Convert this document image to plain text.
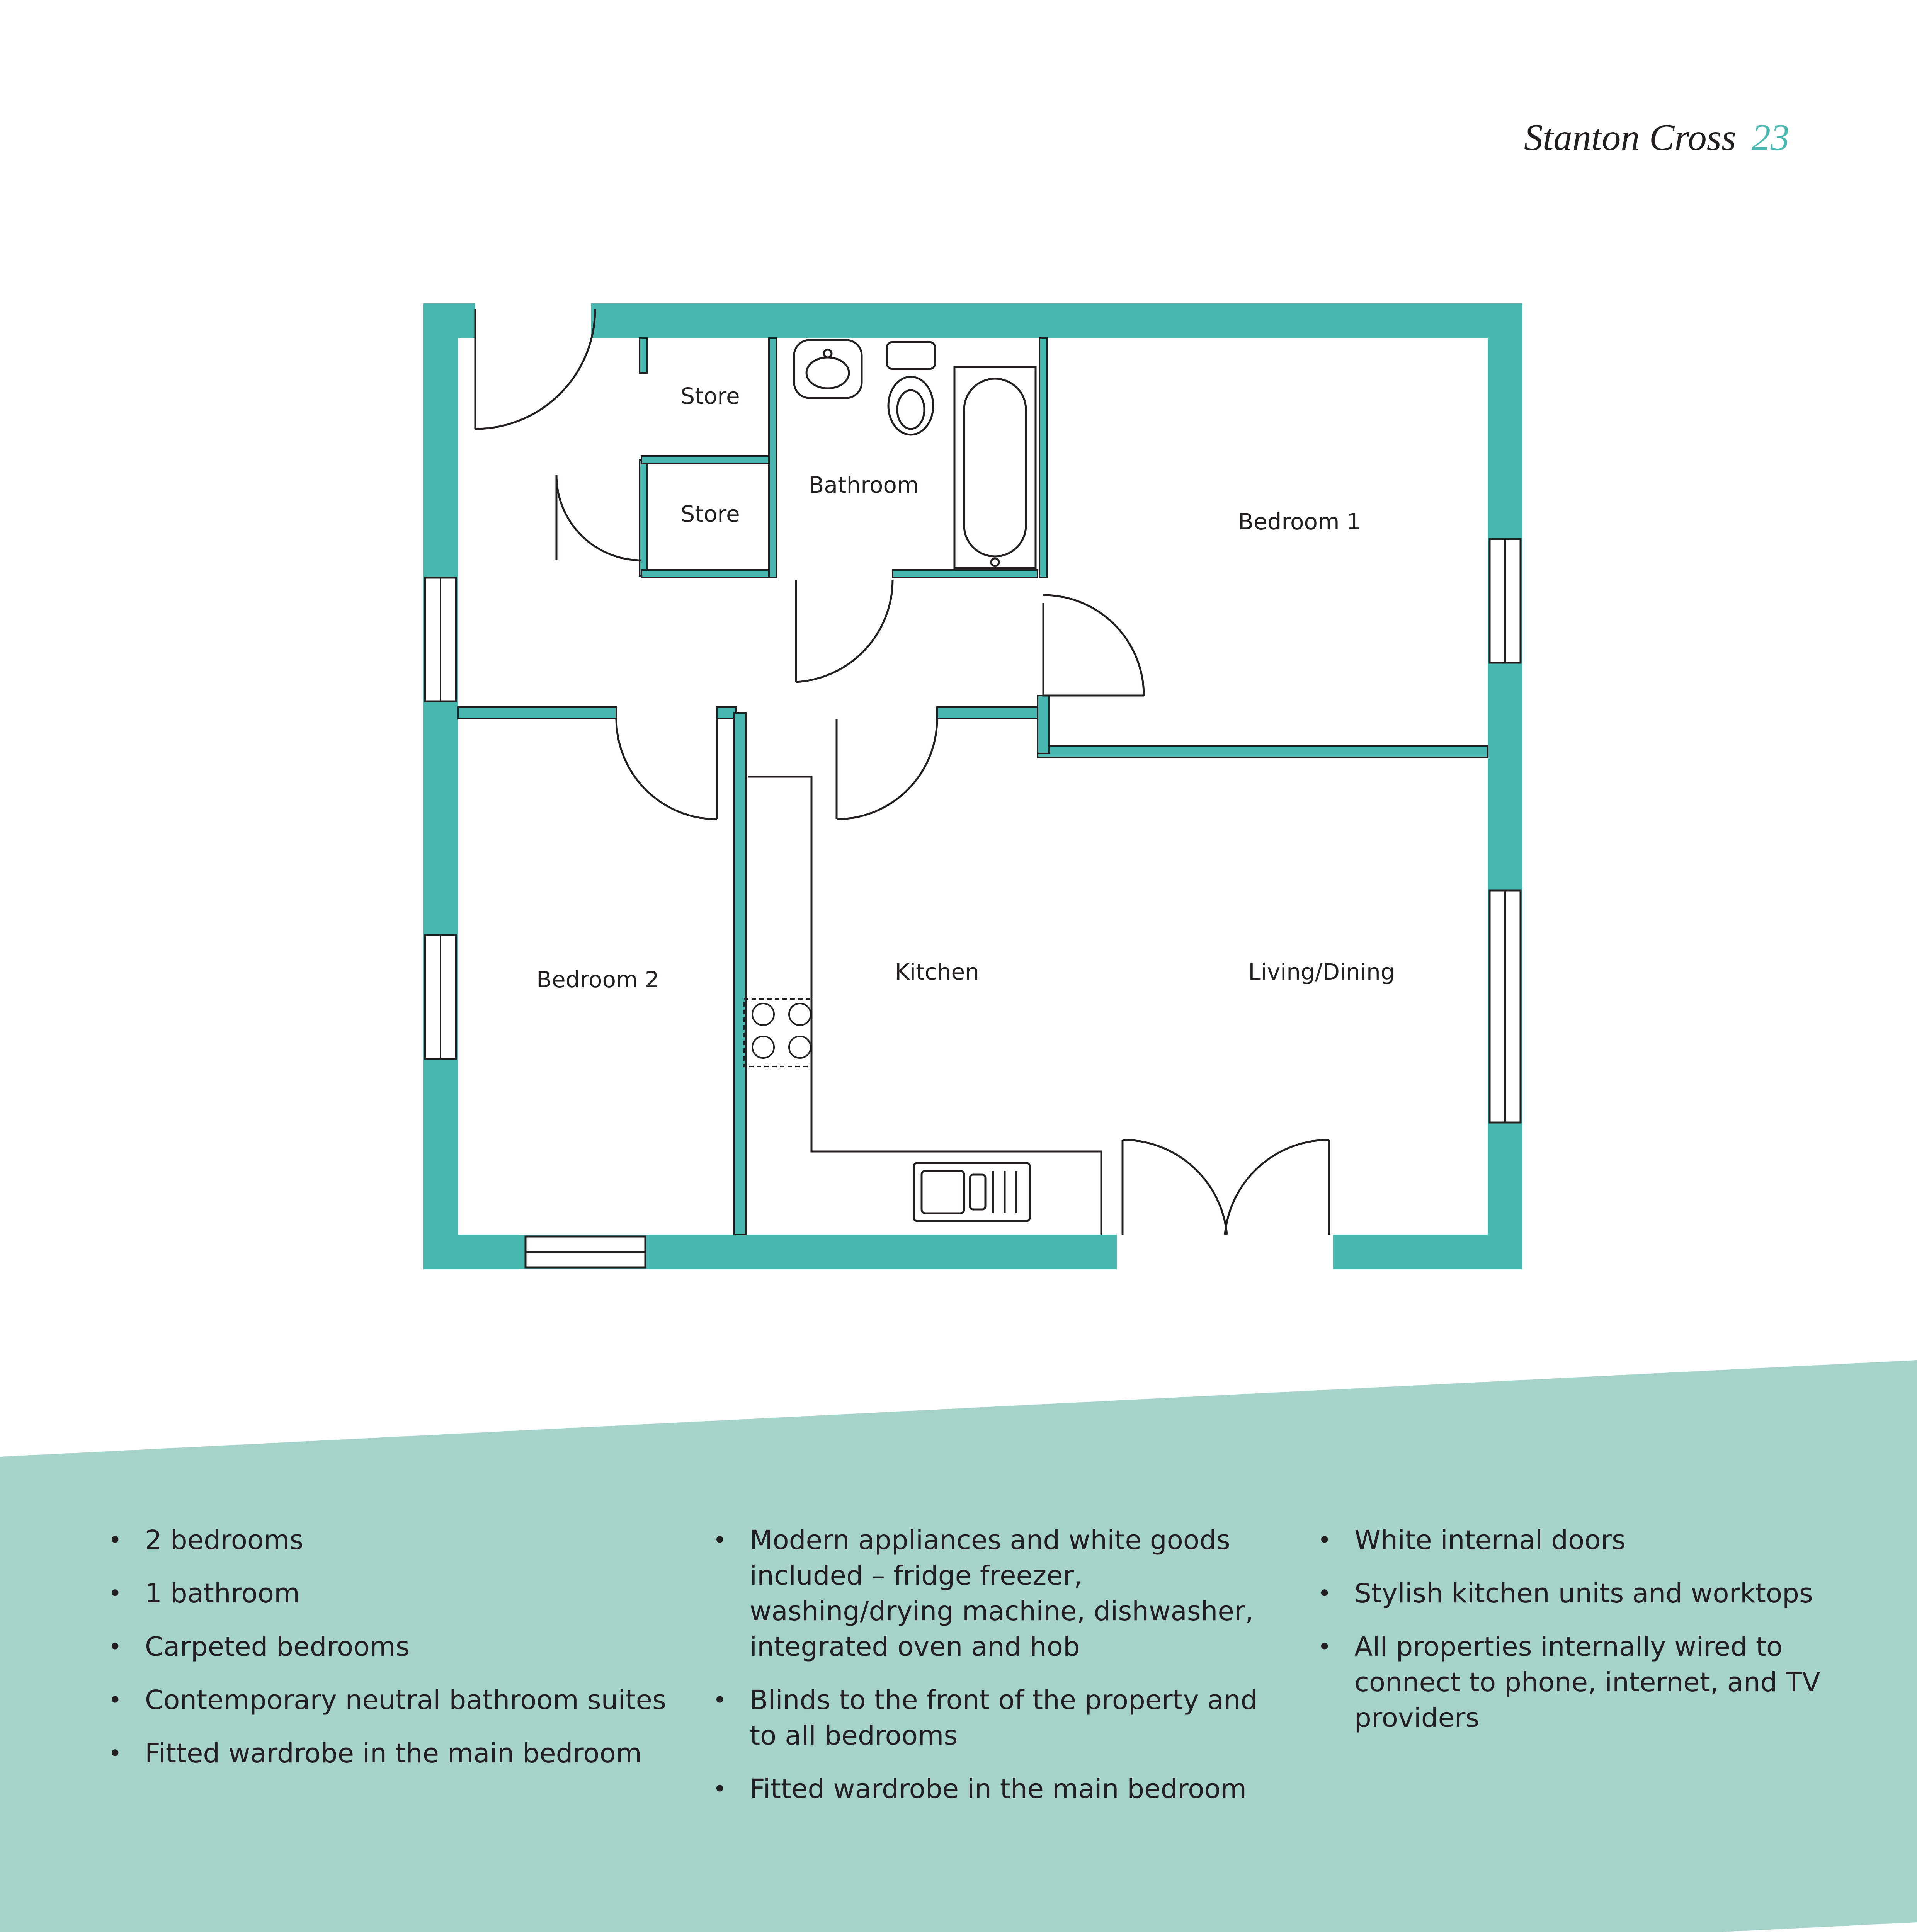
Stanton Cross 23
Store
Store
Bathroom
Bedroom 1
Bedroom 2	Kitchen	Living/Dining
• 2 bedrooms
• 1 bathroom
• Carpeted bedrooms
• Contemporary neutral bathroom suites
• Fitted wardrobe in the main bedroom
• Modern appliances and white goods included – fridge freezer, washing/drying machine, dishwasher, integrated oven and hob
• Blinds to the front of the property and to all bedrooms
• Fitted wardrobe in the main bedroom
• White internal doors
• Stylish kitchen units and worktops
• All properties internally wired to connect to phone, internet, and TV providers
